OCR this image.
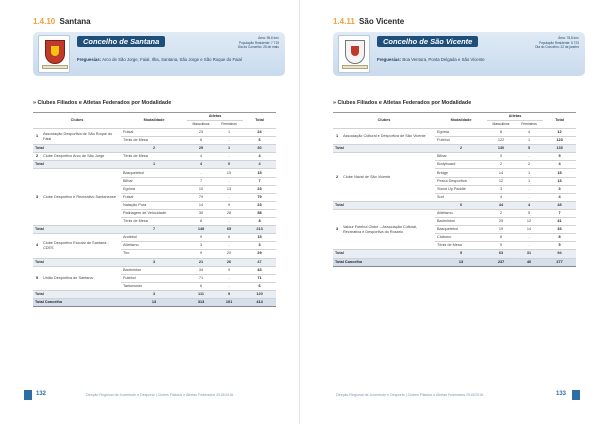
1.4.10 Santana
Concelho de Santana	Área: 95,6 km²
População Residente: 7 719
Dia do Concelho: 25 de maio
Freguesias: Arco de São Jorge, Faial, Ilha, Santana, São Jorge e São Roque do Faial
» Clubes Filiados e Atletas Federados por Modalidade
Clubes		Modalidade	Atletas		Total
			Masculinos	Femininos	
1	Associação Desportiva de São Roque do Faial	Futsal	23	1	24
		Ténis de Mesa	6	-	6
Total		2	29	1	30
2	Clube Desportivo Arco de São Jorge	Ténis de Mesa	4	-	4
Total		1	4	0	4
3	Clube Desportivo e Recreativo Santanense	Basquetebol	-	15	15
		Bilhar	7	-	7
		Egrima	10	13	23
		Futsal	79	-	79
		Natação Pura	14	9	23
		Patinagem de Velocidade	30	28	58
		Ténis de Mesa	8	-	8
Total		7	148	65	213
4	Clube Desportivo Escolar de Santana - CDES	Andebol	9	6	15
		Atletismo	3	-	3
		Tiro	9	20	29
Total		3	21	26	47
5	União Desportiva de Santana	Badminton	34	9	43
		Futebol	71	-	71
		Taekwondo	6	-	6
Total		3	111	9	120
Total Concelho		13	313	101	414
132	Direção Regional de Juventude e Desporto | Clubes Filiados e Atletas Federados 2015/2016
1.4.11 São Vicente
Concelho de São Vicente	Área: 78,8 km²
População Residente: 5 723
Dia do Concelho: 22 de janeiro
Freguesias: Boa Ventura, Ponta Delgada e São Vicente
» Clubes Filiados e Atletas Federados por Modalidade
Clubes		Modalidade	Atletas		Total
			Masculinos	Femininos	
1	Associação Cultural e Desportiva de São Vicente	Egrima	8	4	12
		Futebol	122	1	123
Total		2	130	5	135
2	Clube Naval de São Vicente	Bilhar	9	-	9
		Bodyboard	2	2	4
		Bridge	14	1	15
		Pesca Desportiva	12	1	13
		Stand Up Paddle	3	-	3
		Surf	4	-	4
Total		6	44	4	48
3	Valour Futebol Clube – Associação Cultural, Recreativa e Desportiva do Rosário	Atletismo	2	5	7
		Badminton	29	12	41
		Basquetebol	19	14	33
		Ciclismo	8	-	8
		Ténis de Mesa	5	-	5
Total		5	63	31	94
Total Concelho		13	237	40	277
Direção Regional de Juventude e Desporto | Clubes Filiados e Atletas Federados 2015/2016	133
